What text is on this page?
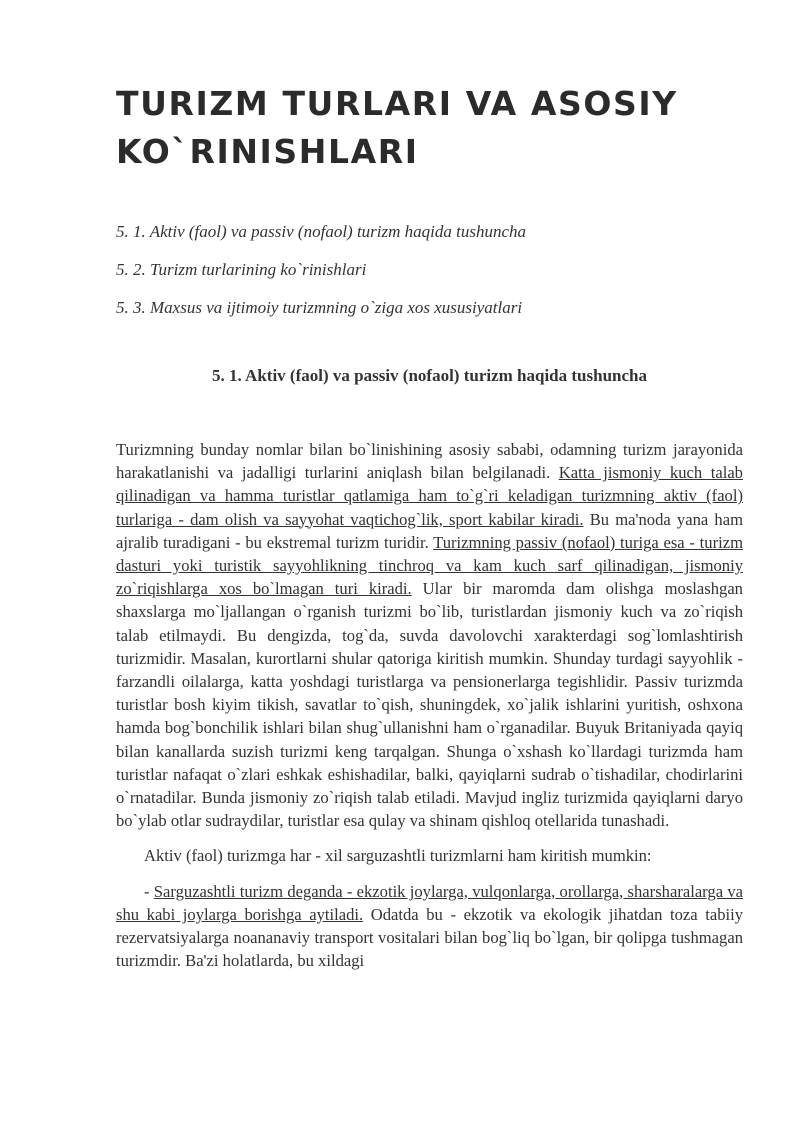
TURIZM TURLARI VA ASOSIY KO`RINISHLARI

5. 1. Aktiv (faol) va passiv (nofaol) turizm haqida tushuncha

5. 2. Turizm turlarining ko`rinishlari

5. 3. Maxsus va ijtimoiy turizmning o`ziga xos xususiyatlari

5. 1. Aktiv (faol) va passiv (nofaol) turizm haqida tushuncha

Turizmning bunday nomlar bilan bo`linishining asosiy sababi, odamning turizm jarayonida harakatlanishi va jadalligi turlarini aniqlash bilan belgilanadi. Katta jismoniy kuch talab qilinadigan va hamma turistlar qatlamiga ham to`g`ri keladigan turizmning aktiv (faol) turlariga - dam olish va sayyohat vaqtichog`lik, sport kabilar kiradi. Bu ma'noda yana ham ajralib turadigani - bu ekstremal turizm turidir. Turizmning passiv (nofaol) turiga esa - turizm dasturi yoki turistik sayyohlikning tinchroq va kam kuch sarf qilinadigan, jismoniy zo`riqishlarga xos bo`lmagan turi kiradi. Ular bir maromda dam olishga moslashgan shaxslarga mo`ljallangan o`rganish turizmi bo`lib, turistlardan jismoniy kuch va zo`riqish talab etilmaydi. Bu dengizda, tog`da, suvda davolovchi xarakterdagi sog`lomlashtirish turizmidir. Masalan, kurortlarni shular qatoriga kiritish mumkin. Shunday turdagi sayyohlik - farzandli oilalarga, katta yoshdagi turistlarga va pensionerlarga tegishlidir. Passiv turizmda turistlar bosh kiyim tikish, savatlar to`qish, shuningdek, xo`jalik ishlarini yuritish, oshxona hamda bog`bonchilik ishlari bilan shug`ullanishni ham o`rganadilar. Buyuk Britaniyada qayiq bilan kanallarda suzish turizmi keng tarqalgan. Shunga o`xshash ko`llardagi turizmda ham turistlar nafaqat o`zlari eshkak eshishadilar, balki, qayiqlarni sudrab o`tishadilar, chodirlarini o`rnatadilar. Bunda jismoniy zo`riqish talab etiladi. Mavjud ingliz turizmida qayiqlarni daryo bo`ylab otlar sudraydilar, turistlar esa qulay va shinam qishloq otellarida tunashadi.

Aktiv (faol) turizmga har - xil sarguzashtli turizmlarni ham kiritish mumkin:

- Sarguzashtli turizm deganda - ekzotik joylarga, vulqonlarga, orollarga, sharsharalarga va shu kabi joylarga borishga aytiladi. Odatda bu - ekzotik va ekologik jihatdan toza tabiiy rezervatsiyalarga noananaviy transport vositalari bilan bog`liq bo`lgan, bir qolipga tushmagan turizmdir. Ba'zi holatlarda, bu xildagi
